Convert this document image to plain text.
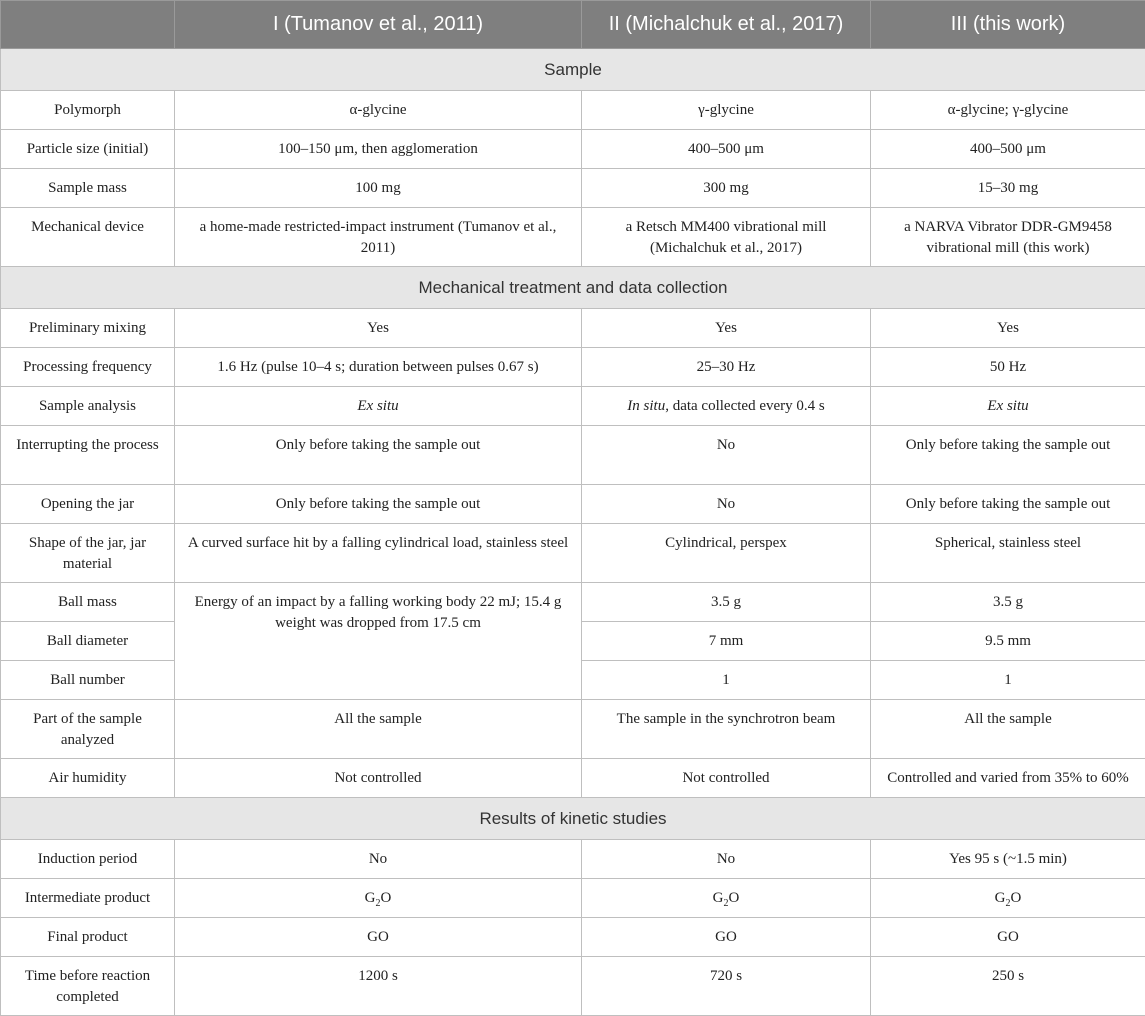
	I (Tumanov et al., 2011)	II (Michalchuk et al., 2017)	III (this work)
Sample			
Polymorph	α-glycine	γ-glycine	α-glycine; γ-glycine
Particle size (initial)	100–150 μm, then agglomeration	400–500 μm	400–500 μm
Sample mass	100 mg	300 mg	15–30 mg
Mechanical device	a home-made restricted-impact instrument (Tumanov et al., 2011)	a Retsch MM400 vibrational mill (Michalchuk et al., 2017)	a NARVA Vibrator DDR-GM9458 vibrational mill (this work)
Mechanical treatment and data collection			
Preliminary mixing	Yes	Yes	Yes
Processing frequency	1.6 Hz (pulse 10–4 s; duration between pulses 0.67 s)	25–30 Hz	50 Hz
Sample analysis	Ex situ	In situ, data collected every 0.4 s	Ex situ
Interrupting the process	Only before taking the sample out	No	Only before taking the sample out
Opening the jar	Only before taking the sample out	No	Only before taking the sample out
Shape of the jar, jar material	A curved surface hit by a falling cylindrical load, stainless steel	Cylindrical, perspex	Spherical, stainless steel
Ball mass	Energy of an impact by a falling working body 22 mJ; 15.4 g weight was dropped from 17.5 cm	3.5 g	3.5 g
Ball diameter		7 mm	9.5 mm
Ball number		1	1
Part of the sample analyzed	All the sample	The sample in the synchrotron beam	All the sample
Air humidity	Not controlled	Not controlled	Controlled and varied from 35% to 60%
Results of kinetic studies			
Induction period	No	No	Yes 95 s (~1.5 min)
Intermediate product	$G_2O$	$G_2O$	$G_2O$
Final product	GO	GO	GO
Time before reaction completed	1200 s	720 s	250 s
